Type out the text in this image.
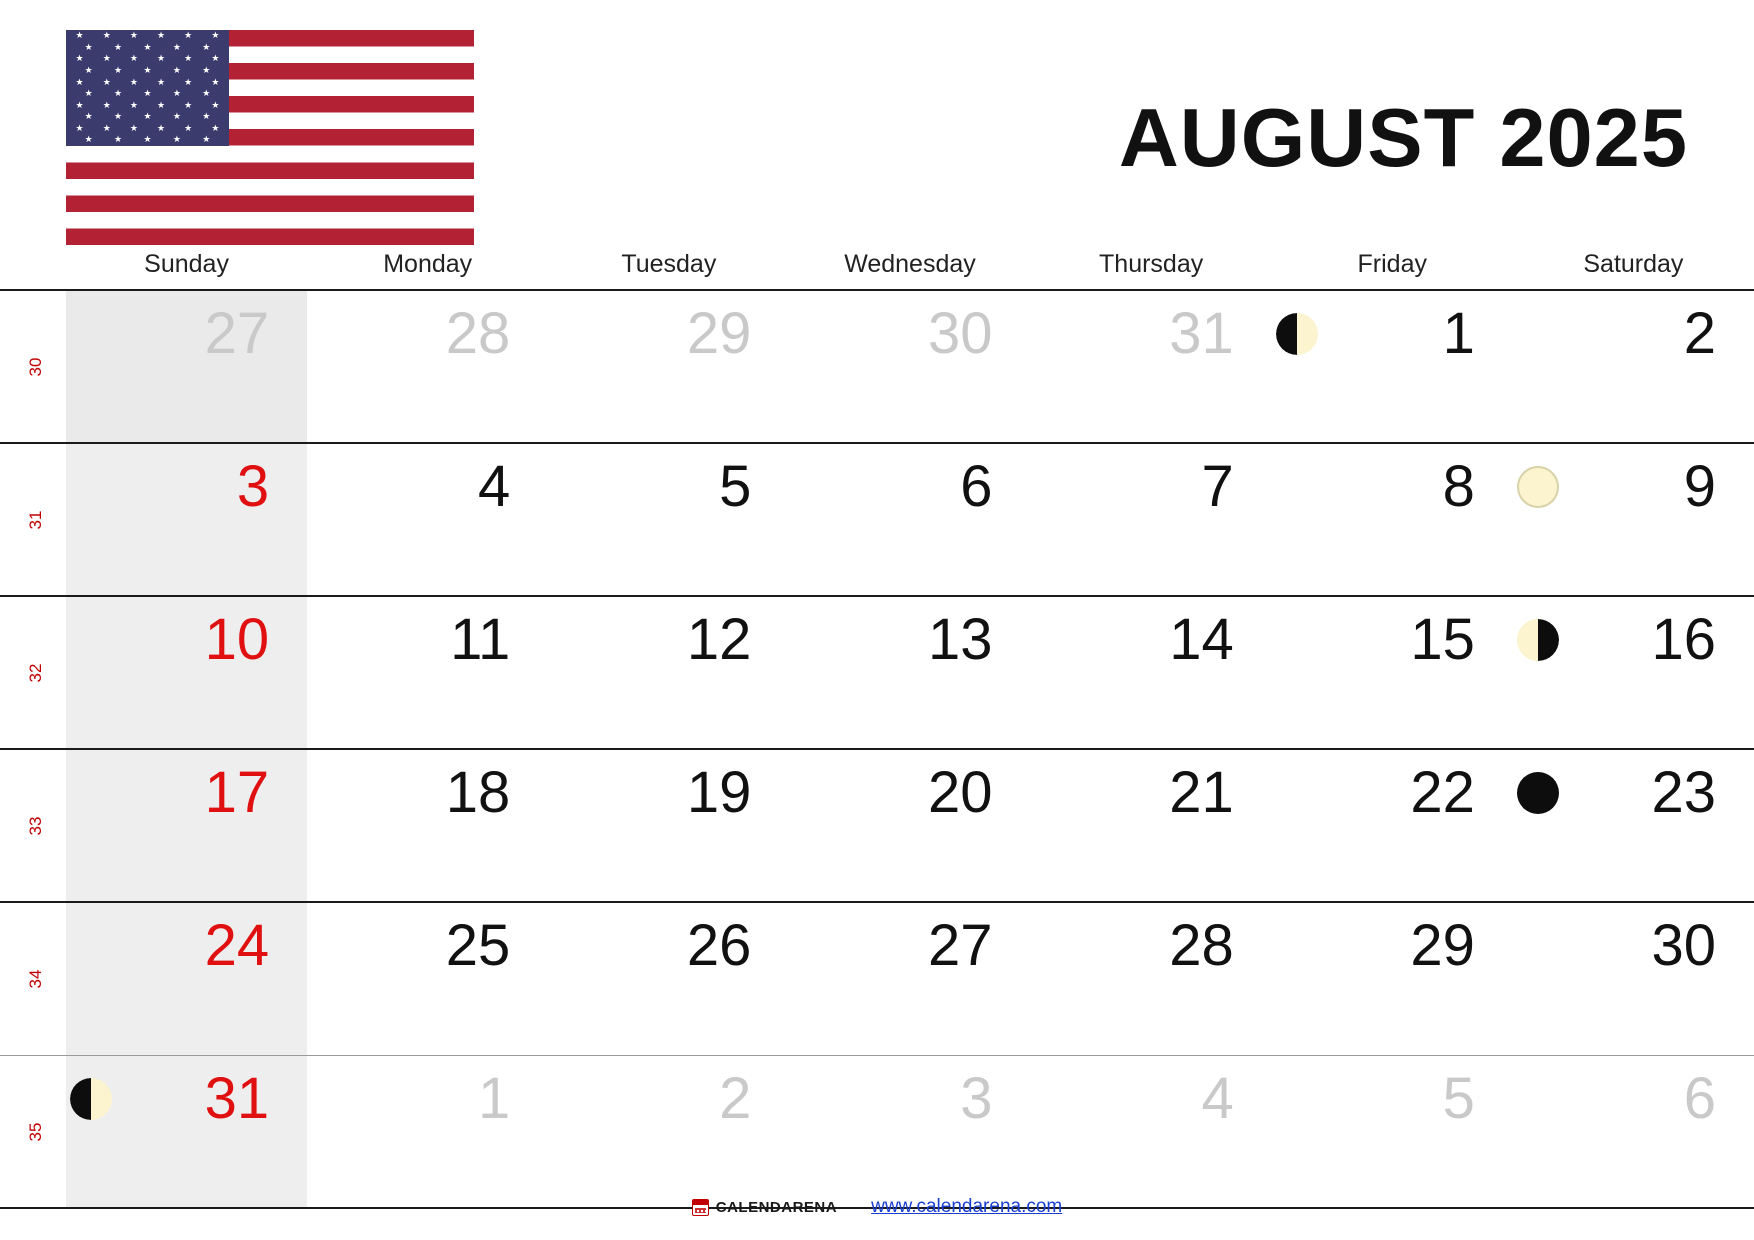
★ ★ ★ ★ ★ ★
★ ★ ★ ★ ★
★ ★ ★ ★ ★ ★
★ ★ ★ ★ ★
★ ★ ★ ★ ★ ★
★ ★ ★ ★ ★
★ ★ ★ ★ ★ ★
★ ★ ★ ★ ★
★ ★ ★ ★ ★ ★
★ ★ ★ ★ ★	AUGUST 2025
Sunday	Monday	Tuesday	Wednesday	Thursday	Friday	Saturday
30
27	28	29	30	31	1	2
31
3	4	5	6	7	8	9
32
10	11	12	13	14	15	16
33
17	18	19	20	21	22	23
34
24	25	26	27	28	29	30
35
31	1	2	3	4	5	6
CALENDARENA www.calendarena.com
